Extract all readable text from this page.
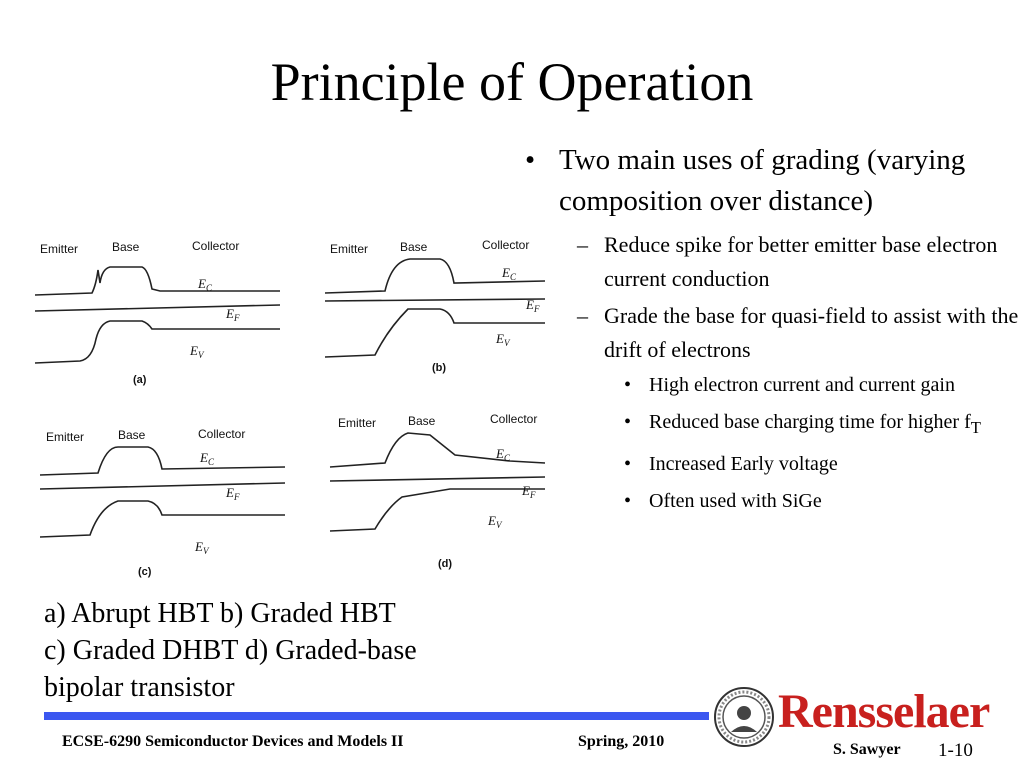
Principle of Operation
Emitter	Base	Collector
$E_C$
$E_F$
$E_V$
(a)
Emitter	Base	Collector
$E_C$
$E_F$
$E_V$
(b)
Emitter	Base	Collector
$E_C$
$E_F$
$E_V$
(c)
Emitter	Base	Collector
$E_C$
$E_F$
$E_V$
(d)
• Two main uses of grading (varying composition over distance)
– Reduce spike for better emitter base electron current conduction
– Grade the base for quasi-field to assist with the drift of electrons
• High electron current and current gain
• Reduced base charging time for higher $f_T$
• Increased Early voltage
• Often used with SiGe
a) Abrupt HBT b) Graded HBT
c) Graded DHBT d) Graded-base
bipolar transistor
ECSE-6290 Semiconductor Devices and Models II	Spring, 2010
Rensselaer
S. Sawyer 1-10
